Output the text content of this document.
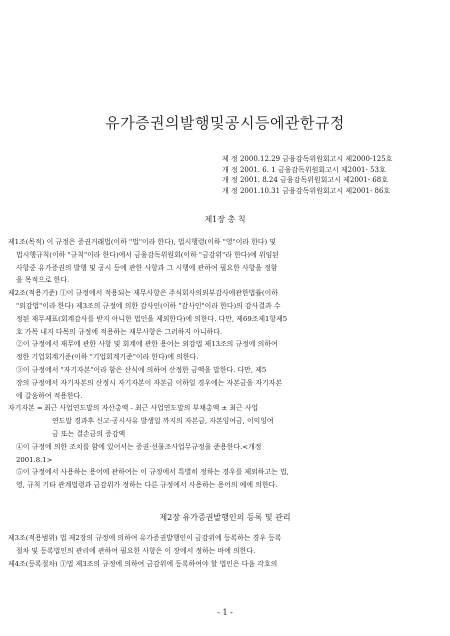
유가증권의발행및공시등에관한규정
제 정 2000.12.29 금융감독위원회고시 제2000-125호
개 정 2001. 6. 1 금융감독위원회고시 제2001- 53호
개 정 2001. 8.24 금융감독위원회고시 제2001- 68호
개 정 2001.10.31 금융감독위원회고시 제2001- 86호
제1장 총 칙
제1조(목적) 이 규정은 증권거래법(이하 "법"이라 한다), 법시행령(이하 "영"이라 한다) 및
법시행규칙(이하 "규칙"이라 한다)에서 금융감독위원회(이하 "금감위"라 한다)에 위임된
사항중 유가증권의 발행 및 공시 등에 관한 사항과 그 시행에 관하여 필요한 사항을 정함
을 목적으로 한다.
제2조(적용기준) ①이 규정에서 적용되는 재무사항은 주식회사의외부감사에관한법률(이하
"외감법"이라 한다) 제3조의 규정에 의한 감사인(이하 "감사인"이라 한다)의 감사결과 수
정된 재무제표(회계감사를 받지 아니한 법인을 제외한다)에 의한다. 다만, 제69조제1항제5
호 가목 내지 다목의 규정에 적용하는 재무사항은 그러하지 아니하다.
②이 규정에서 재무에 관한 사항 및 회계에 관한 용어는 외감법 제13조의 규정에 의하여
정한 기업회계기준(이하 "기업회계기준"이라 한다)에 의한다.
③이 규정에서 "자기자본"이라 함은 산식에 의하여 산정한 금액을 말한다. 다만, 제5
장의 규정에서 자기자본의 산정시 자기자본이 자본금 이하일 경우에는 자본금을 자기자본
에 갈음하여 적용한다.
자기자본 = 최근 사업연도말의 자산총액 - 최근 사업연도말의 부채총액 ± 최근 사업
연도말 경과후 신고·공시사유 발생일 까지의 자본금, 자본잉여금, 이익잉여
금 또는 결손금의 증감액
④이 규정에 의한 조치를 함에 있어서는 증권·선물조사업무규정을 준용한다.<개정
2001.8.1>
⑤이 규정에서 사용하는 용어에 관하여는 이 규정에서 특별히 정하는 경우를 제외하고는 법,
영, 규칙 기타 관계법령과 금감위가 정하는 다른 규정에서 사용하는 용어의 예에 의한다.
제2장 유가증권발행인의 등록 및 관리
제3조(적용범위) 법 제2장의 규정에 의하여 유가증권발행인이 금감위에 등록하는 경우 등록
절차 및 등록법인의 관리에 관하여 필요한 사항은 이 장에서 정하는 바에 의한다.
제4조(등록절차) ①법 제3조의 규정에 의하여 금감위에 등록하여야 할 법인은 다음 각호의
- 1 -
